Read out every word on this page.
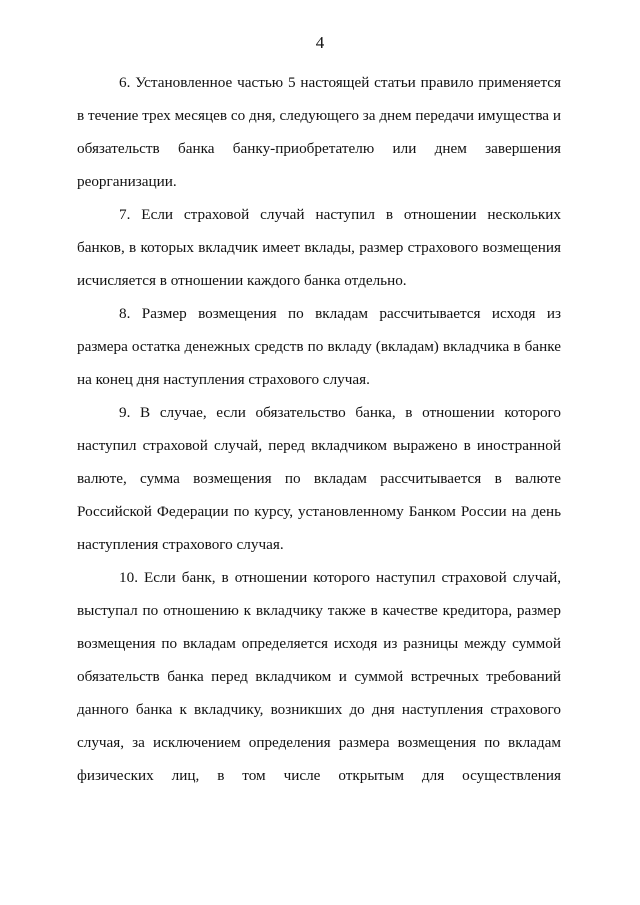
4

6. Установленное частью 5 настоящей статьи правило применяется в течение трех месяцев со дня, следующего за днем передачи имущества и обязательств банка банку-приобретателю или днем завершения реорганизации.

7. Если страховой случай наступил в отношении нескольких банков, в которых вкладчик имеет вклады, размер страхового возмещения исчисляется в отношении каждого банка отдельно.

8. Размер возмещения по вкладам рассчитывается исходя из размера остатка денежных средств по вкладу (вкладам) вкладчика в банке на конец дня наступления страхового случая.

9. В случае, если обязательство банка, в отношении которого наступил страховой случай, перед вкладчиком выражено в иностранной валюте, сумма возмещения по вкладам рассчитывается в валюте Российской Федерации по курсу, установленному Банком России на день наступления страхового случая.

10. Если банк, в отношении которого наступил страховой случай, выступал по отношению к вкладчику также в качестве кредитора, размер возмещения по вкладам определяется исходя из разницы между суммой обязательств банка перед вкладчиком и суммой встречных требований данного банка к вкладчику, возникших до дня наступления страхового случая, за исключением определения размера возмещения по вкладам физических лиц, в том числе открытым для осуществления
